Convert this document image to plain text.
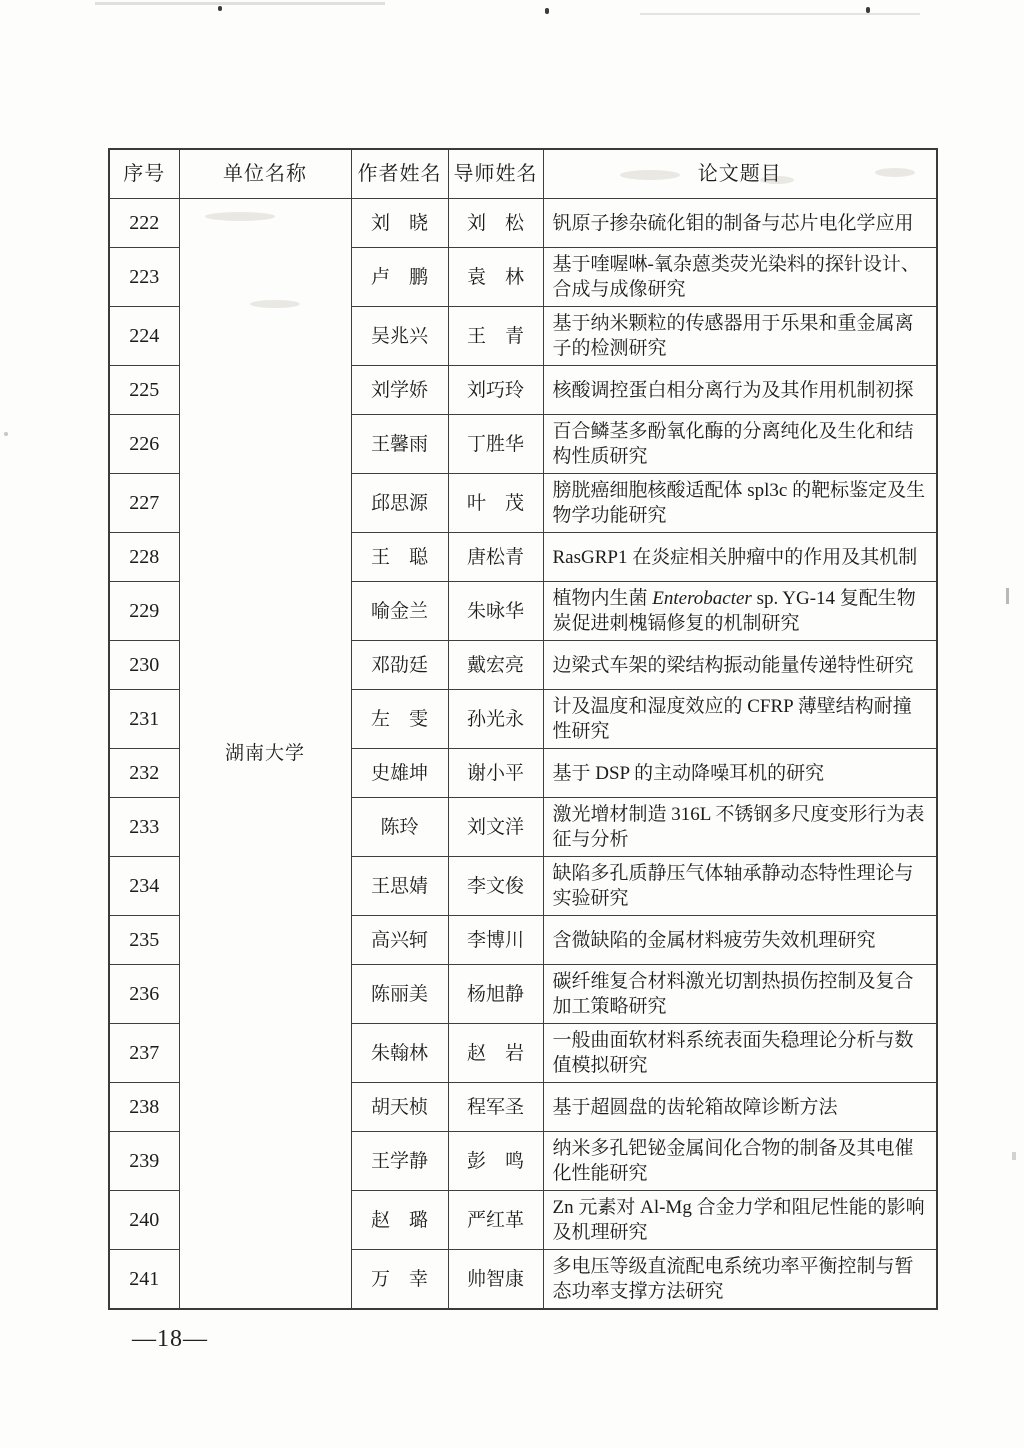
序号	单位名称	作者姓名	导师姓名	论文题目
222	湖南大学	刘　晓	刘　松	钒原子掺杂硫化钼的制备与芯片电化学应用
223		卢　鹏	袁　林	基于喹喔啉-氧杂蒽类荧光染料的探针设计、合成与成像研究
224		吴兆兴	王　青	基于纳米颗粒的传感器用于乐果和重金属离子的检测研究
225		刘学娇	刘巧玲	核酸调控蛋白相分离行为及其作用机制初探
226		王馨雨	丁胜华	百合鳞茎多酚氧化酶的分离纯化及生化和结构性质研究
227		邱思源	叶　茂	膀胱癌细胞核酸适配体 spl3c 的靶标鉴定及生物学功能研究
228		王　聪	唐松青	RasGRP1 在炎症相关肿瘤中的作用及其机制
229		喻金兰	朱咏华	植物内生菌 Enterobacter sp. YG-14 复配生物炭促进刺槐镉修复的机制研究
230		邓劭廷	戴宏亮	边梁式车架的梁结构振动能量传递特性研究
231		左　雯	孙光永	计及温度和湿度效应的 CFRP 薄壁结构耐撞性研究
232		史雄坤	谢小平	基于 DSP 的主动降噪耳机的研究
233		陈玲	刘文洋	激光增材制造 316L 不锈钢多尺度变形行为表征与分析
234		王思婧	李文俊	缺陷多孔质静压气体轴承静动态特性理论与实验研究
235		高兴轲	李博川	含微缺陷的金属材料疲劳失效机理研究
236		陈丽美	杨旭静	碳纤维复合材料激光切割热损伤控制及复合加工策略研究
237		朱翰林	赵　岩	一般曲面软材料系统表面失稳理论分析与数值模拟研究
238		胡天桢	程军圣	基于超圆盘的齿轮箱故障诊断方法
239		王学静	彭　鸣	纳米多孔钯铋金属间化合物的制备及其电催化性能研究
240		赵　璐	严红革	Zn 元素对 Al-Mg 合金力学和阻尼性能的影响及机理研究
241		万　幸	帅智康	多电压等级直流配电系统功率平衡控制与暂态功率支撑方法研究
—18—
